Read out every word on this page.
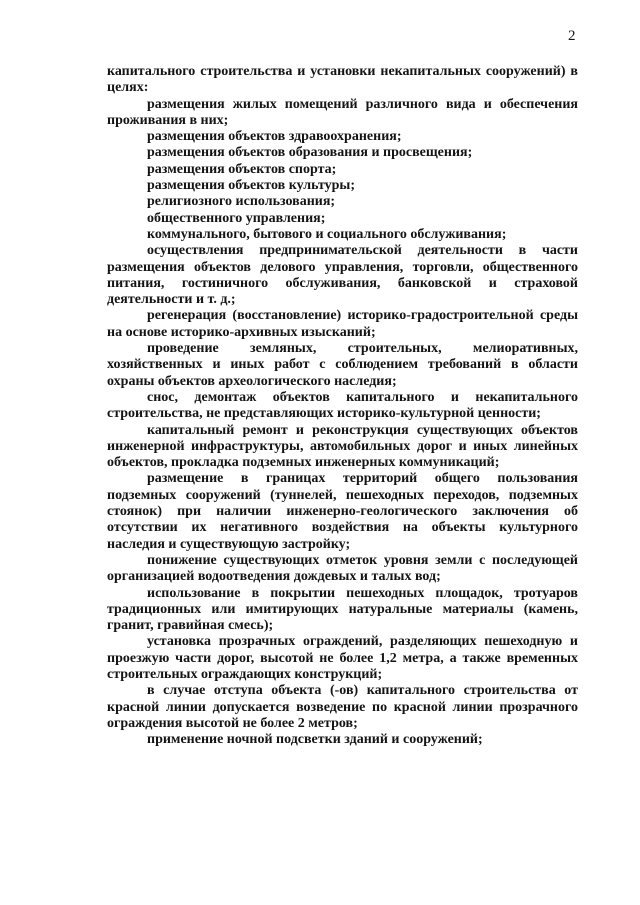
2

капитального строительства и установки некапитальных сооружений) в целях:

размещения жилых помещений различного вида и обеспечения проживания в них;

размещения объектов здравоохранения;

размещения объектов образования и просвещения;

размещения объектов спорта;

размещения объектов культуры;

религиозного использования;

общественного управления;

коммунального, бытового и социального обслуживания;

осуществления предпринимательской деятельности в части размещения объектов делового управления, торговли, общественного питания, гостиничного обслуживания, банковской и страховой деятельности и т. д.;

регенерация (восстановление) историко-градостроительной среды на основе историко-архивных изысканий;

проведение земляных, строительных, мелиоративных, хозяйственных и иных работ с соблюдением требований в области охраны объектов археологического наследия;

снос, демонтаж объектов капитального и некапитального строительства, не представляющих историко-культурной ценности;

капитальный ремонт и реконструкция существующих объектов инженерной инфраструктуры, автомобильных дорог и иных линейных объектов, прокладка подземных инженерных коммуникаций;

размещение в границах территорий общего пользования подземных сооружений (туннелей, пешеходных переходов, подземных стоянок) при наличии инженерно-геологического заключения об отсутствии их негативного воздействия на объекты культурного наследия и существующую застройку;

понижение существующих отметок уровня земли с последующей организацией водоотведения дождевых и талых вод;

использование в покрытии пешеходных площадок, тротуаров традиционных или имитирующих натуральные материалы (камень, гранит, гравийная смесь);

установка прозрачных ограждений, разделяющих пешеходную и проезжую части дорог, высотой не более 1,2 метра, а также временных строительных ограждающих конструкций;

в случае отступа объекта (-ов) капитального строительства от красной линии допускается возведение по красной линии прозрачного ограждения высотой не более 2 метров;

применение ночной подсветки зданий и сооружений;
